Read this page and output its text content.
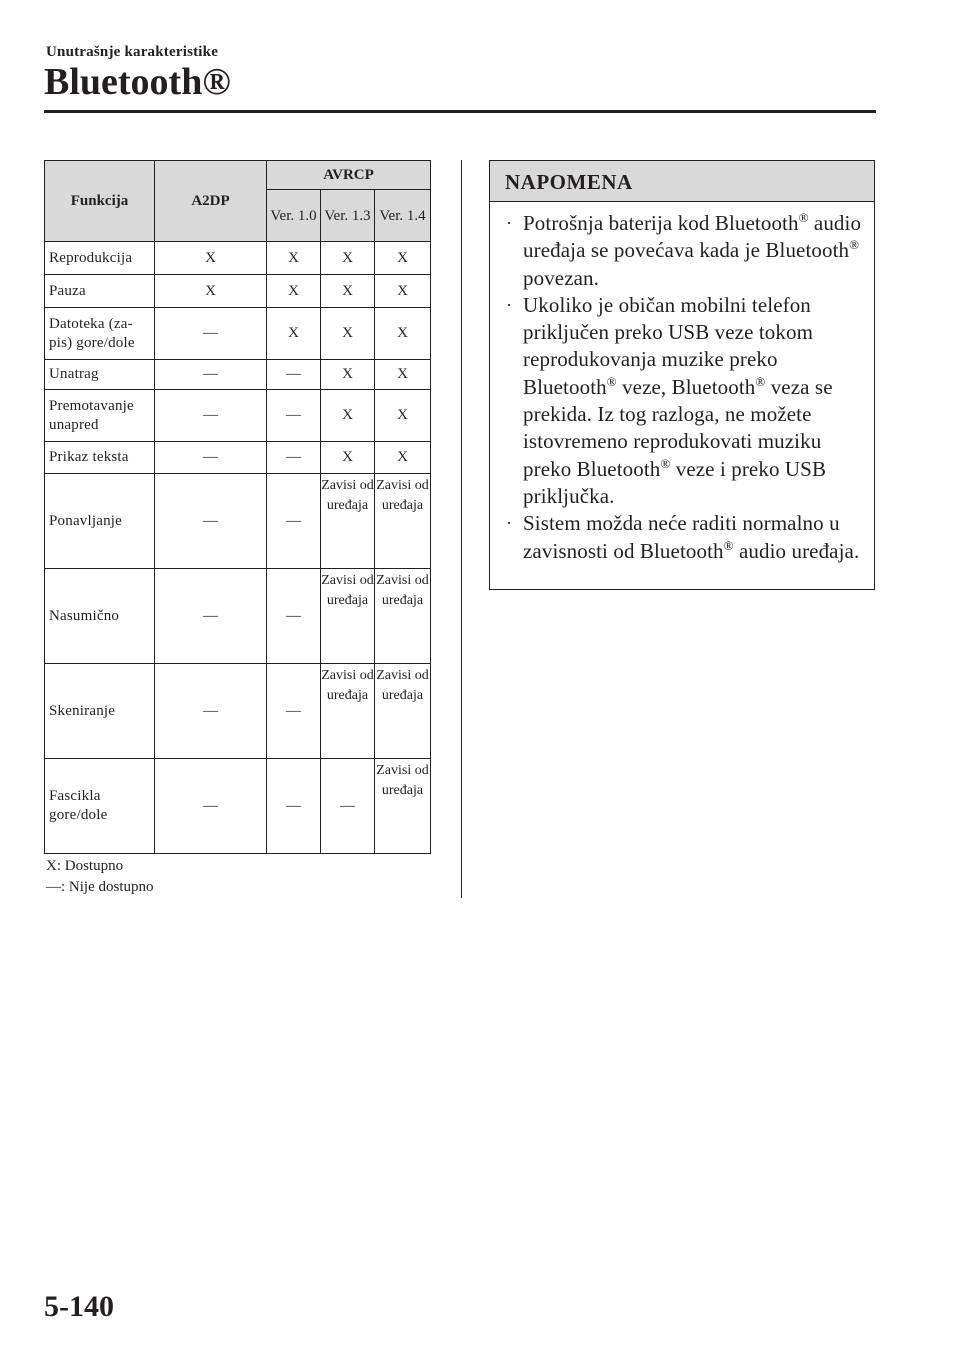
Unutrašnje karakteristike
Bluetooth®
Funkcija	A2DP	AVRCP		
		Ver. 1.0	Ver. 1.3	Ver. 1.4
Reprodukcija	X	X	X	X
Pauza	X	X	X	X
Datoteka (za-pis) gore/dole	—	X	X	X
Unatrag	—	—	X	X
Premotavanje unapred	—	—	X	X
Prikaz teksta	—	—	X	X
Ponavljanje	—	—	Zavisi od uređaja	Zavisi od uređaja
Nasumično	—	—	Zavisi od uređaja	Zavisi od uređaja
Skeniranje	—	—	Zavisi od uređaja	Zavisi od uređaja
Fascikla gore/dole	—	—	—	Zavisi od uređaja
X: Dostupno
—: Nije dostupno
NAPOMENA
· Potrošnja baterija kod Bluetooth® audio uređaja se povećava kada je Bluetooth® povezan.
· Ukoliko je običan mobilni telefon priključen preko USB veze tokom reprodukovanja muzike preko Bluetooth® veze, Bluetooth® veza se prekida. Iz tog razloga, ne možete istovremeno reprodukovati muziku preko Bluetooth® veze i preko USB priključka.
· Sistem možda neće raditi normalno u zavisnosti od Bluetooth® audio uređaja.
5-140
